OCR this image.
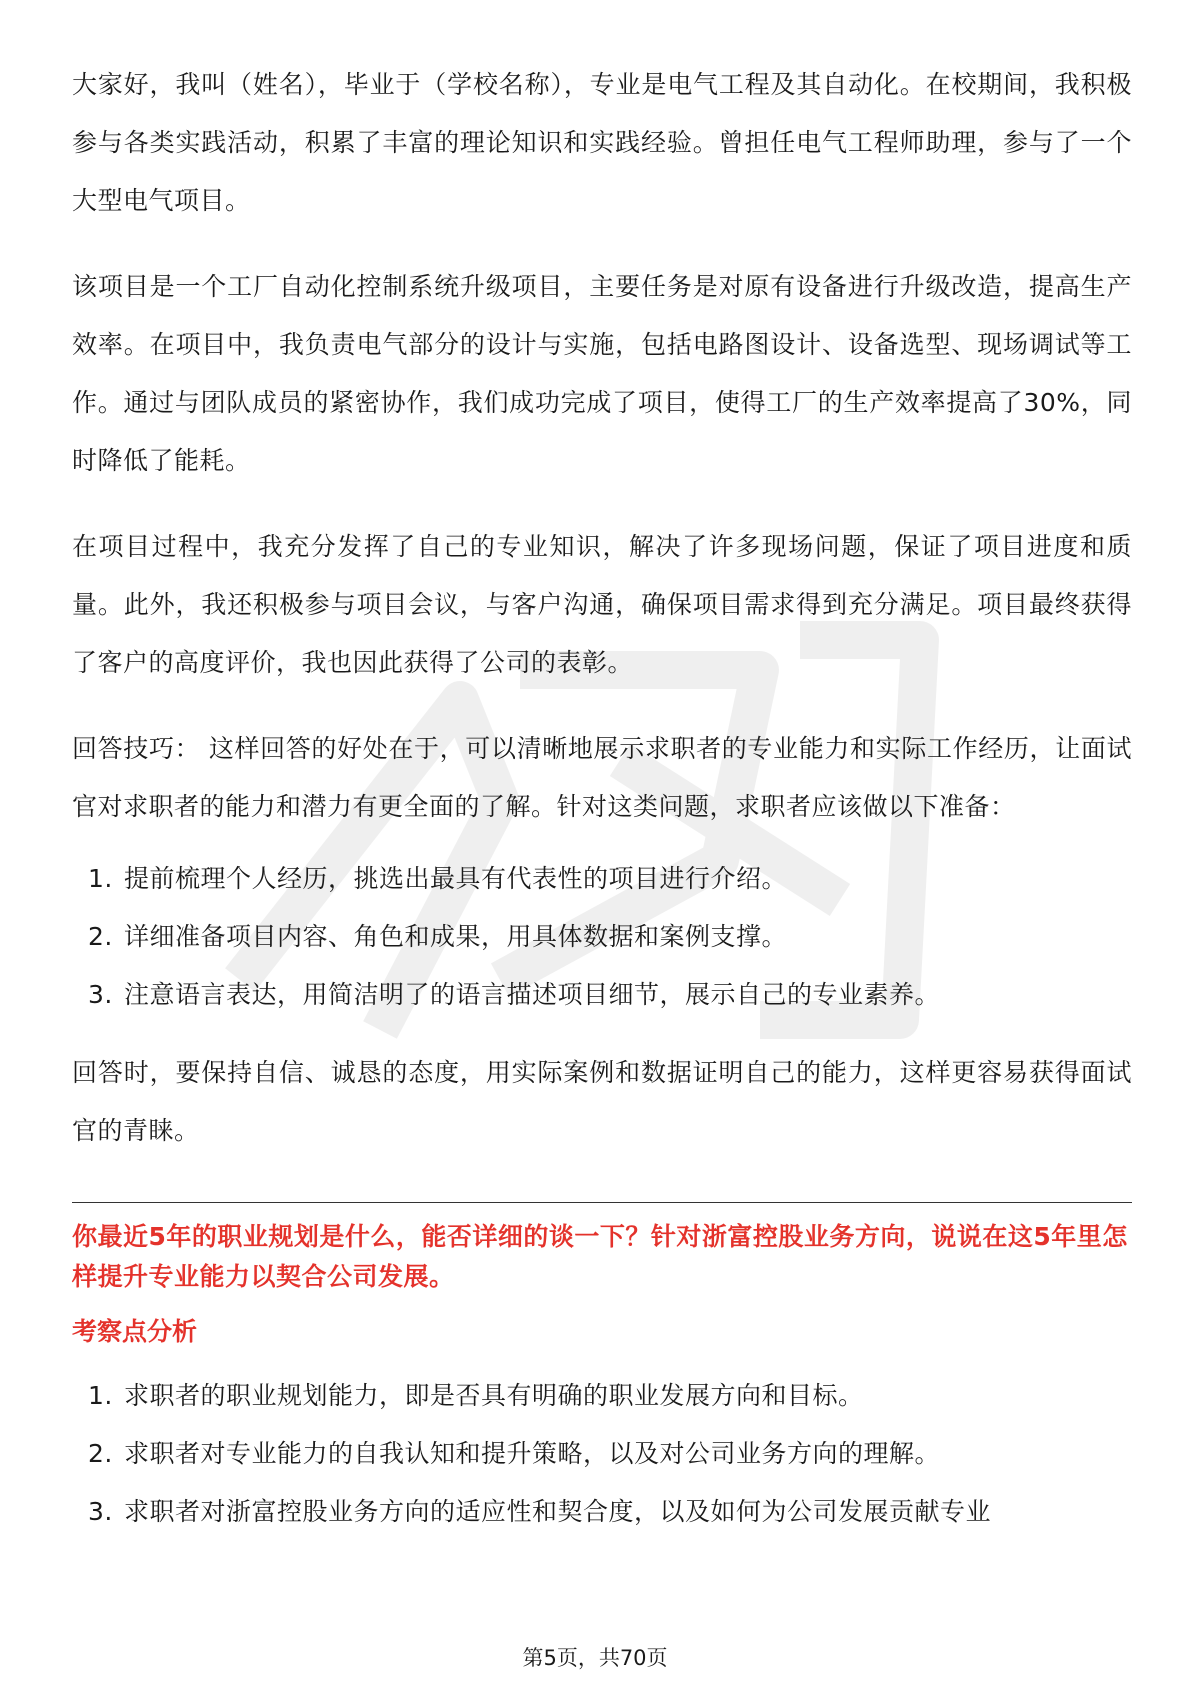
大家好，我叫（姓名），毕业于（学校名称），专业是电气工程及其自动化。在校期间，我积极参与各类实践活动，积累了丰富的理论知识和实践经验。曾担任电气工程师助理，参与了一个大型电气项目。

该项目是一个工厂自动化控制系统升级项目，主要任务是对原有设备进行升级改造，提高生产效率。在项目中，我负责电气部分的设计与实施，包括电路图设计、设备选型、现场调试等工作。通过与团队成员的紧密协作，我们成功完成了项目，使得工厂的生产效率提高了30%，同时降低了能耗。

在项目过程中，我充分发挥了自己的专业知识，解决了许多现场问题，保证了项目进度和质量。此外，我还积极参与项目会议，与客户沟通，确保项目需求得到充分满足。项目最终获得了客户的高度评价，我也因此获得了公司的表彰。

回答技巧： 这样回答的好处在于，可以清晰地展示求职者的专业能力和实际工作经历，让面试官对求职者的能力和潜力有更全面的了解。针对这类问题，求职者应该做以下准备：

1. 提前梳理个人经历，挑选出最具有代表性的项目进行介绍。
2. 详细准备项目内容、角色和成果，用具体数据和案例支撑。
3. 注意语言表达，用简洁明了的语言描述项目细节，展示自己的专业素养。

回答时，要保持自信、诚恳的态度，用实际案例和数据证明自己的能力，这样更容易获得面试官的青睐。

你最近5年的职业规划是什么，能否详细的谈一下？针对浙富控股业务方向，说说在这5年里怎样提升专业能力以契合公司发展。

考察点分析

1. 求职者的职业规划能力，即是否具有明确的职业发展方向和目标。
2. 求职者对专业能力的自我认知和提升策略，以及对公司业务方向的理解。
3. 求职者对浙富控股业务方向的适应性和契合度，以及如何为公司发展贡献专业
第5页，共70页
